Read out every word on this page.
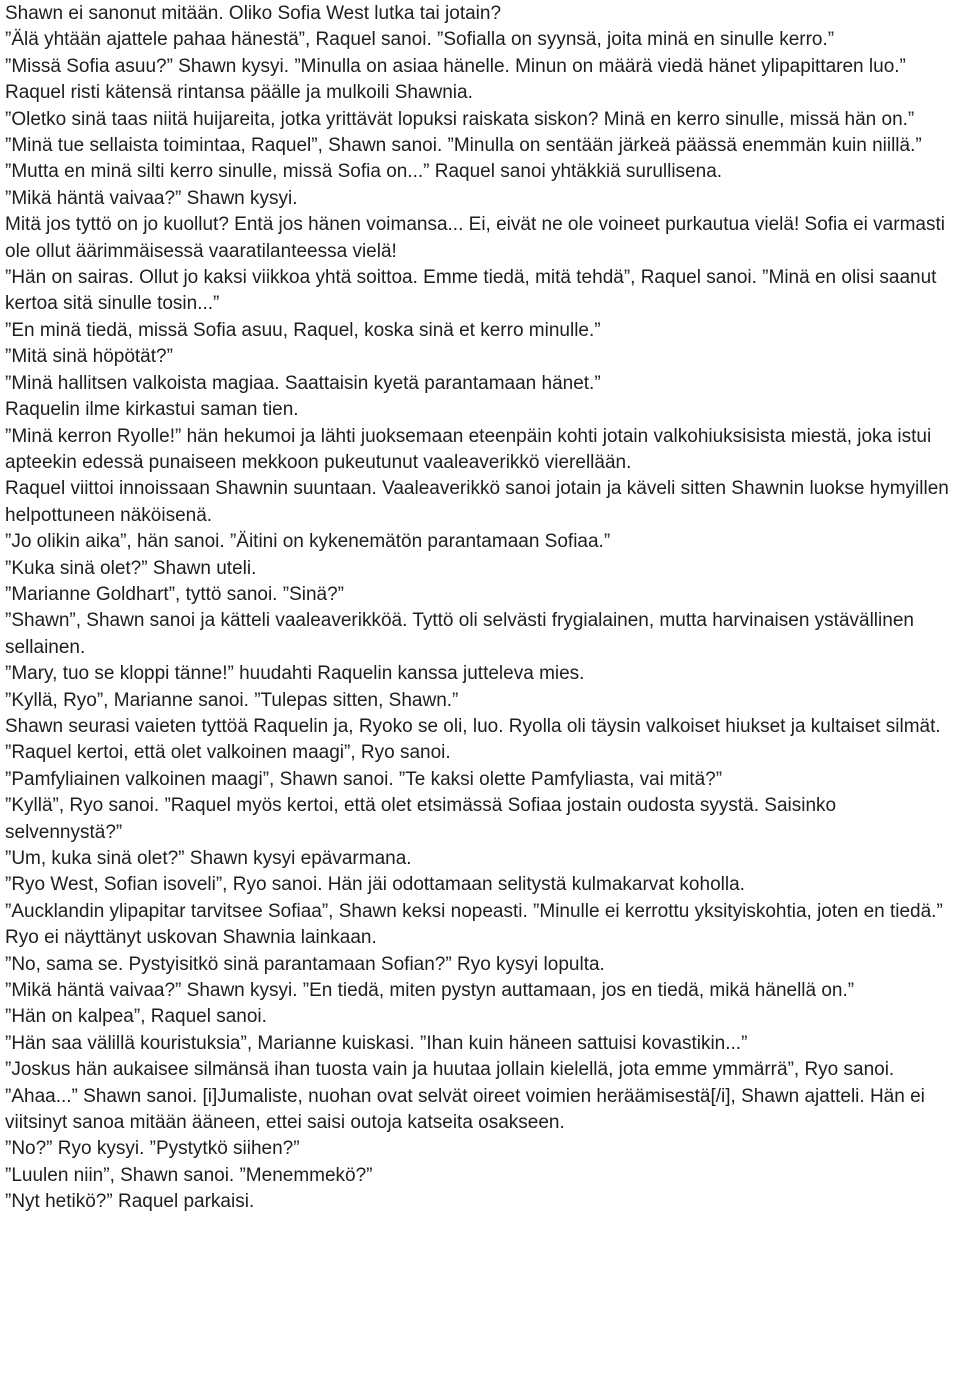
Shawn ei sanonut mitään. Oliko Sofia West lutka tai jotain?

”Älä yhtään ajattele pahaa hänestä”, Raquel sanoi. ”Sofialla on syynsä, joita minä en sinulle kerro.”

”Missä Sofia asuu?” Shawn kysyi. ”Minulla on asiaa hänelle. Minun on määrä viedä hänet ylipapittaren luo.”

Raquel risti kätensä rintansa päälle ja mulkoili Shawnia.

”Oletko sinä taas niitä huijareita, jotka yrittävät lopuksi raiskata siskon? Minä en kerro sinulle, missä hän on.”

”Minä tue sellaista toimintaa, Raquel”, Shawn sanoi. ”Minulla on sentään järkeä päässä enemmän kuin niillä.”

”Mutta en minä silti kerro sinulle, missä Sofia on...” Raquel sanoi yhtäkkiä surullisena.

”Mikä häntä vaivaa?” Shawn kysyi.

Mitä jos tyttö on jo kuollut? Entä jos hänen voimansa... Ei, eivät ne ole voineet purkautua vielä! Sofia ei varmasti ole ollut äärimmäisessä vaaratilanteessa vielä!

”Hän on sairas. Ollut jo kaksi viikkoa yhtä soittoa. Emme tiedä, mitä tehdä”, Raquel sanoi. ”Minä en olisi saanut kertoa sitä sinulle tosin...”

”En minä tiedä, missä Sofia asuu, Raquel, koska sinä et kerro minulle.”

”Mitä sinä höpötät?”

”Minä hallitsen valkoista magiaa. Saattaisin kyetä parantamaan hänet.”

Raquelin ilme kirkastui saman tien.

”Minä kerron Ryolle!” hän hekumoi ja lähti juoksemaan eteenpäin kohti jotain valkohiuksisista miestä, joka istui apteekin edessä punaiseen mekkoon pukeutunut vaaleaverikkö vierellään.

Raquel viittoi innoissaan Shawnin suuntaan. Vaaleaverikkö sanoi jotain ja käveli sitten Shawnin luokse hymyillen helpottuneen näköisenä.

”Jo olikin aika”, hän sanoi. ”Äitini on kykenemätön parantamaan Sofiaa.”

”Kuka sinä olet?” Shawn uteli.

”Marianne Goldhart”, tyttö sanoi. ”Sinä?”

”Shawn”, Shawn sanoi ja kätteli vaaleaverikköä. Tyttö oli selvästi frygialainen, mutta harvinaisen ystävällinen sellainen.

”Mary, tuo se kloppi tänne!” huudahti Raquelin kanssa jutteleva mies.

”Kyllä, Ryo”, Marianne sanoi. ”Tulepas sitten, Shawn.”

Shawn seurasi vaieten tyttöä Raquelin ja, Ryoko se oli, luo. Ryolla oli täysin valkoiset hiukset ja kultaiset silmät.

”Raquel kertoi, että olet valkoinen maagi”, Ryo sanoi.

”Pamfyliainen valkoinen maagi”, Shawn sanoi. ”Te kaksi olette Pamfyliasta, vai mitä?”

”Kyllä”, Ryo sanoi. ”Raquel myös kertoi, että olet etsimässä Sofiaa jostain oudosta syystä. Saisinko selvennystä?”

”Um, kuka sinä olet?” Shawn kysyi epävarmana.

”Ryo West, Sofian isoveli”, Ryo sanoi. Hän jäi odottamaan selitystä kulmakarvat koholla.

”Aucklandin ylipapitar tarvitsee Sofiaa”, Shawn keksi nopeasti. ”Minulle ei kerrottu yksityiskohtia, joten en tiedä.”

Ryo ei näyttänyt uskovan Shawnia lainkaan.

”No, sama se. Pystyisitkö sinä parantamaan Sofian?” Ryo kysyi lopulta.

”Mikä häntä vaivaa?” Shawn kysyi. ”En tiedä, miten pystyn auttamaan, jos en tiedä, mikä hänellä on.”

”Hän on kalpea”, Raquel sanoi.

”Hän saa välillä kouristuksia”, Marianne kuiskasi. ”Ihan kuin häneen sattuisi kovastikin...”

”Joskus hän aukaisee silmänsä ihan tuosta vain ja huutaa jollain kielellä, jota emme ymmärrä”, Ryo sanoi.

”Ahaa...” Shawn sanoi. [i]Jumaliste, nuohan ovat selvät oireet voimien heräämisestä[/i], Shawn ajatteli. Hän ei viitsinyt sanoa mitään ääneen, ettei saisi outoja katseita osakseen.

”No?” Ryo kysyi. ”Pystytkö siihen?”

”Luulen niin”, Shawn sanoi. ”Menemmekö?”

”Nyt hetikö?” Raquel parkaisi.
